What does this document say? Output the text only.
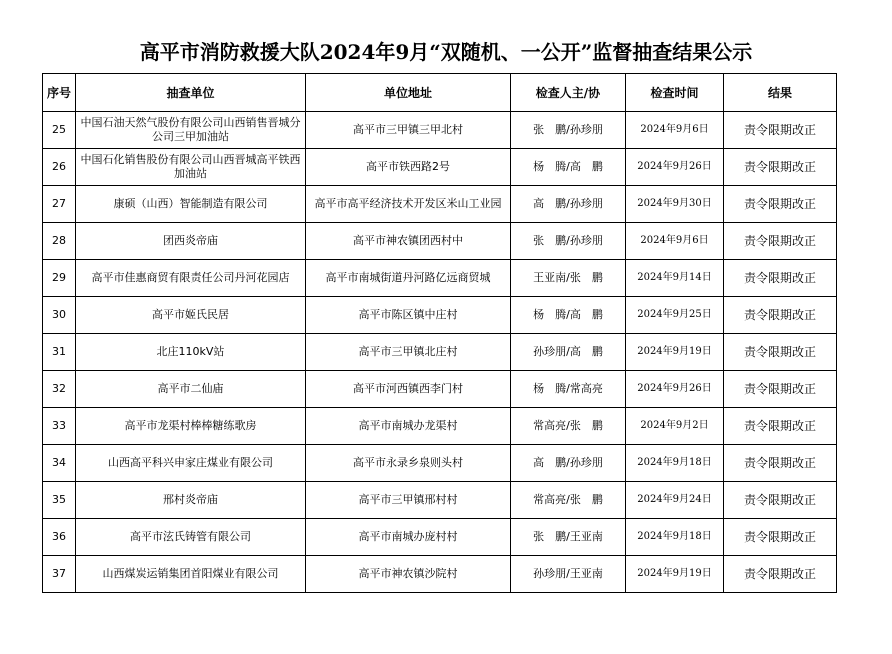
高平市消防救援大队2024年9月“双随机、一公开”监督抽查结果公示
序号	抽查单位	单位地址	检查人主/协	检查时间	结果
25	中国石油天然气股份有限公司山西销售晋城分公司三甲加油站	高平市三甲镇三甲北村	张　鹏/孙珍朋	2024年9月6日	责令限期改正
26	中国石化销售股份有限公司山西晋城高平铁西加油站	高平市铁西路2号	杨　腾/高　鹏	2024年9月26日	责令限期改正
27	康硕（山西）智能制造有限公司	高平市高平经济技术开发区米山工业园	高　鹏/孙珍朋	2024年9月30日	责令限期改正
28	团西炎帝庙	高平市神农镇团西村中	张　鹏/孙珍朋	2024年9月6日	责令限期改正
29	高平市佳惠商贸有限责任公司丹河花园店	高平市南城街道丹河路亿远商贸城	王亚南/张　鹏	2024年9月14日	责令限期改正
30	高平市姬氏民居	高平市陈区镇中庄村	杨　腾/高　鹏	2024年9月25日	责令限期改正
31	北庄110kV站	高平市三甲镇北庄村	孙珍朋/高　鹏	2024年9月19日	责令限期改正
32	高平市二仙庙	高平市河西镇西李门村	杨　腾/常高亮	2024年9月26日	责令限期改正
33	高平市龙渠村棒棒糖练歌房	高平市南城办龙渠村	常高亮/张　鹏	2024年9月2日	责令限期改正
34	山西高平科兴申家庄煤业有限公司	高平市永录乡泉则头村	高　鹏/孙珍朋	2024年9月18日	责令限期改正
35	邢村炎帝庙	高平市三甲镇邢村村	常高亮/张　鹏	2024年9月24日	责令限期改正
36	高平市泫氏铸管有限公司	高平市南城办庞村村	张　鹏/王亚南	2024年9月18日	责令限期改正
37	山西煤炭运销集团首阳煤业有限公司	高平市神农镇沙院村	孙珍朋/王亚南	2024年9月19日	责令限期改正
